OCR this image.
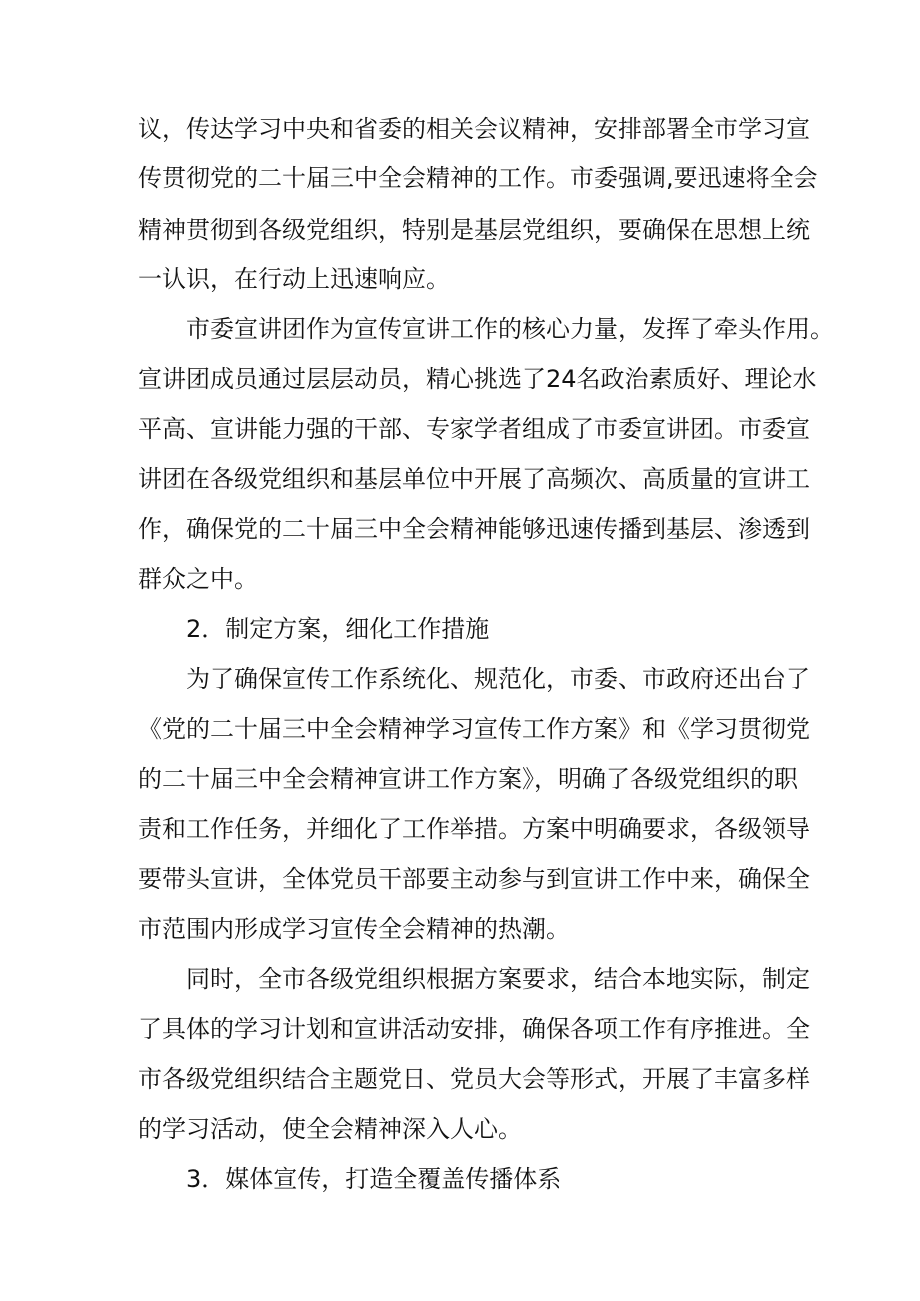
议，传达学习中央和省委的相关会议精神，安排部署全市学习宣
传贯彻党的二十届三中全会精神的工作。市委强调,要迅速将全会
精神贯彻到各级党组织，特别是基层党组织，要确保在思想上统
一认识，在行动上迅速响应。
市委宣讲团作为宣传宣讲工作的核心力量，发挥了牵头作用。
宣讲团成员通过层层动员，精心挑选了24名政治素质好、理论水
平高、宣讲能力强的干部、专家学者组成了市委宣讲团。市委宣
讲团在各级党组织和基层单位中开展了高频次、高质量的宣讲工
作，确保党的二十届三中全会精神能够迅速传播到基层、渗透到
群众之中。
2．制定方案，细化工作措施
为了确保宣传工作系统化、规范化，市委、市政府还出台了
《党的二十届三中全会精神学习宣传工作方案》和《学习贯彻党
的二十届三中全会精神宣讲工作方案》，明确了各级党组织的职
责和工作任务，并细化了工作举措。方案中明确要求，各级领导
要带头宣讲，全体党员干部要主动参与到宣讲工作中来，确保全
市范围内形成学习宣传全会精神的热潮。
同时，全市各级党组织根据方案要求，结合本地实际，制定
了具体的学习计划和宣讲活动安排，确保各项工作有序推进。全
市各级党组织结合主题党日、党员大会等形式，开展了丰富多样
的学习活动，使全会精神深入人心。
3．媒体宣传，打造全覆盖传播体系
